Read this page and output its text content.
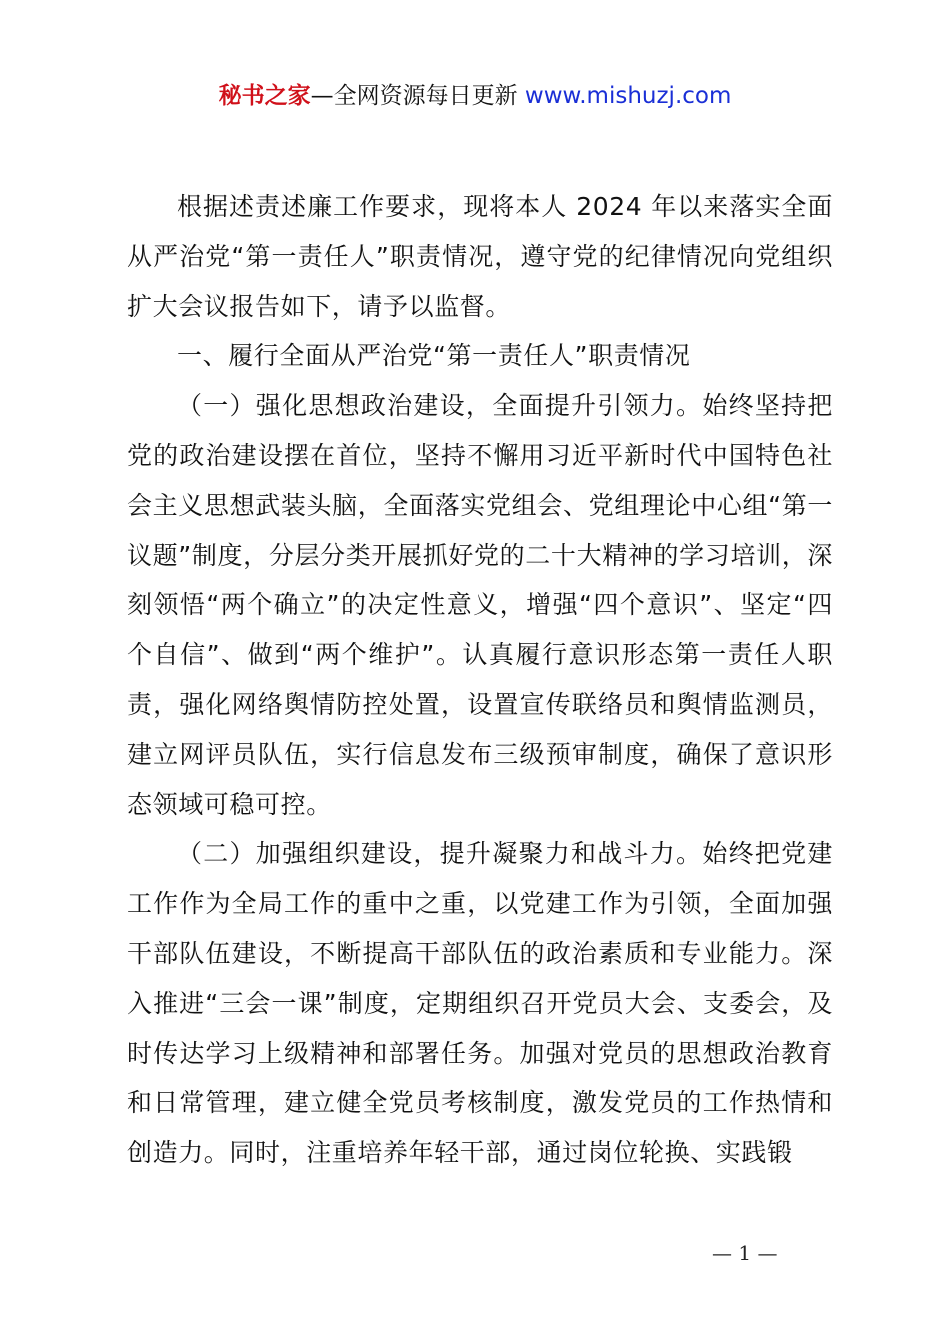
秘书之家—全网资源每日更新 www.mishuzj.com

根据述责述廉工作要求，现将本人 2024 年以来落实全面从严治党“第一责任人”职责情况，遵守党的纪律情况向党组织扩大会议报告如下，请予以监督。

一、履行全面从严治党“第一责任人”职责情况

（一）强化思想政治建设，全面提升引领力。始终坚持把党的政治建设摆在首位，坚持不懈用习近平新时代中国特色社会主义思想武装头脑，全面落实党组会、党组理论中心组“第一议题”制度，分层分类开展抓好党的二十大精神的学习培训，深刻领悟“两个确立”的决定性意义，增强“四个意识”、坚定“四个自信”、做到“两个维护”。认真履行意识形态第一责任人职责，强化网络舆情防控处置，设置宣传联络员和舆情监测员，建立网评员队伍，实行信息发布三级预审制度，确保了意识形态领域可稳可控。

（二）加强组织建设，提升凝聚力和战斗力。始终把党建工作作为全局工作的重中之重，以党建工作为引领，全面加强干部队伍建设，不断提高干部队伍的政治素质和专业能力。深入推进“三会一课”制度，定期组织召开党员大会、支委会，及时传达学习上级精神和部署任务。加强对党员的思想政治教育和日常管理，建立健全党员考核制度，激发党员的工作热情和创造力。同时，注重培养年轻干部，通过岗位轮换、实践锻

— 1 —
